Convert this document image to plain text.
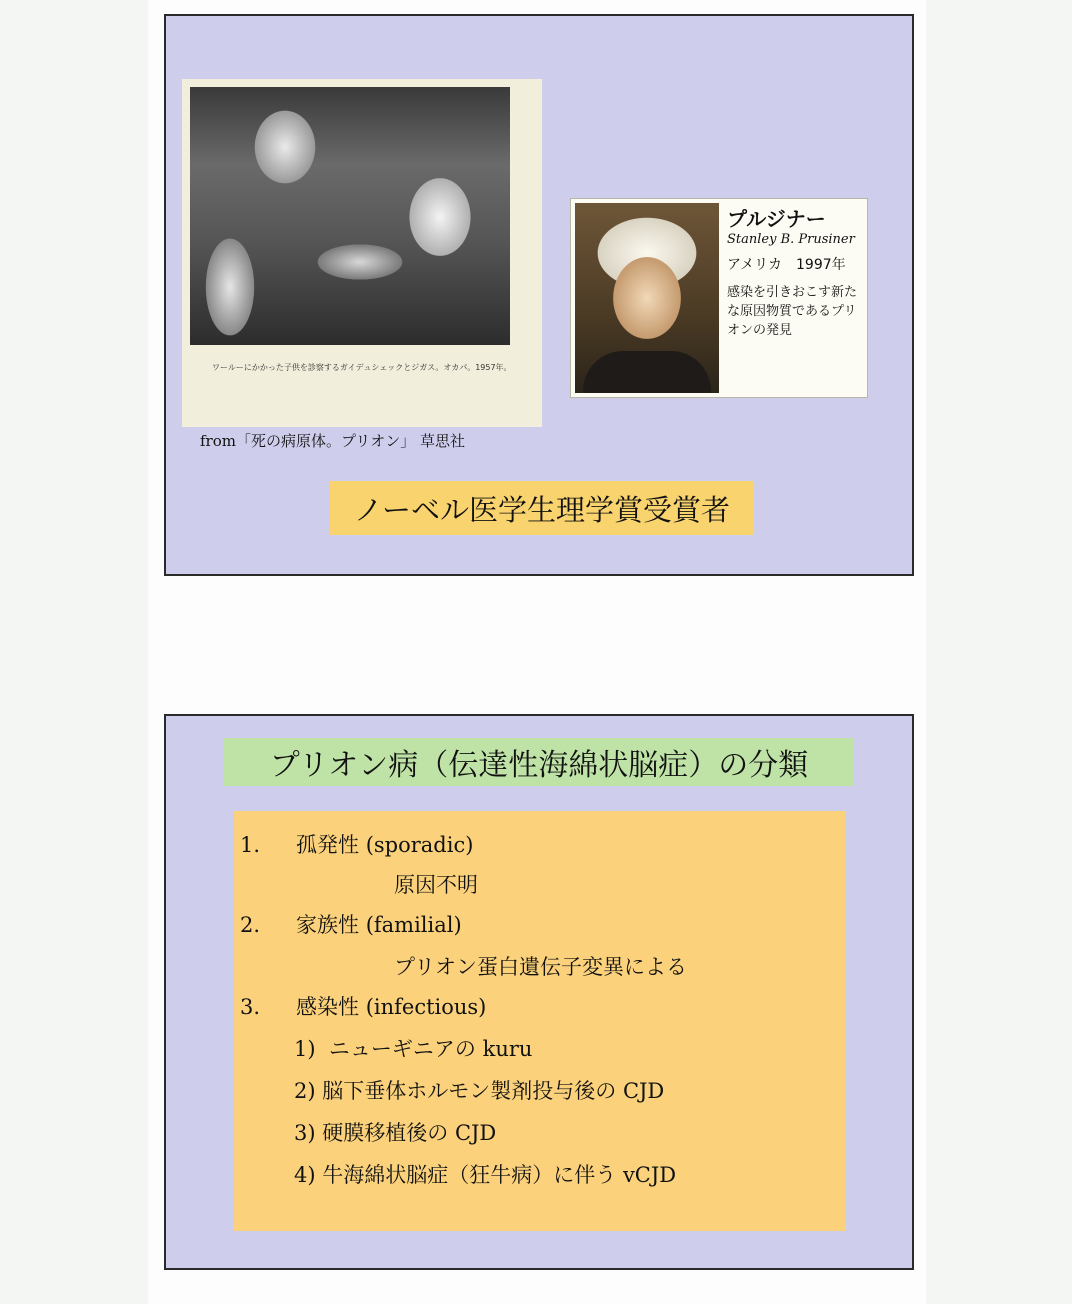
ワールーにかかった子供を診察するガイデュシェックとジガス。オカパ。1957年。
プルジナー
Stanley B. Prusiner
アメリカ　1997年
感染を引きおこす新たな原因物質であるプリオンの発見
from「死の病原体。プリオン」 草思社
ノーベル医学生理学賞受賞者
プリオン病（伝達性海綿状脳症）の分類
1. 孤発性 (sporadic)
原因不明
2. 家族性 (familial)
プリオン蛋白遺伝子変異による
3. 感染性 (infectious)
1) ニューギニアの kuru
2) 脳下垂体ホルモン製剤投与後の CJD
3) 硬膜移植後の CJD
4) 牛海綿状脳症（狂牛病）に伴う vCJD
